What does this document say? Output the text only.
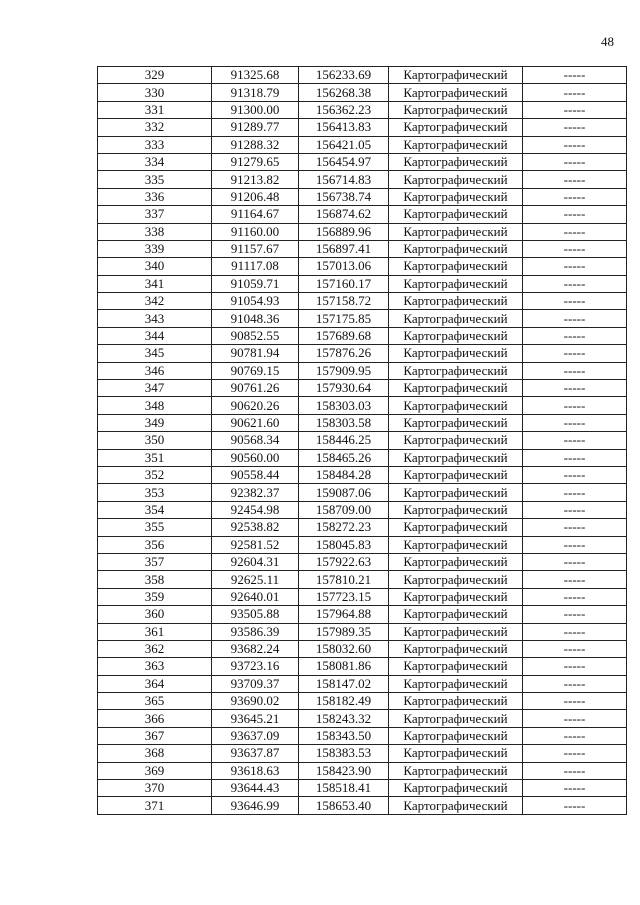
48
329	91325.68	156233.69	Картографический	-----
330	91318.79	156268.38	Картографический	-----
331	91300.00	156362.23	Картографический	-----
332	91289.77	156413.83	Картографический	-----
333	91288.32	156421.05	Картографический	-----
334	91279.65	156454.97	Картографический	-----
335	91213.82	156714.83	Картографический	-----
336	91206.48	156738.74	Картографический	-----
337	91164.67	156874.62	Картографический	-----
338	91160.00	156889.96	Картографический	-----
339	91157.67	156897.41	Картографический	-----
340	91117.08	157013.06	Картографический	-----
341	91059.71	157160.17	Картографический	-----
342	91054.93	157158.72	Картографический	-----
343	91048.36	157175.85	Картографический	-----
344	90852.55	157689.68	Картографический	-----
345	90781.94	157876.26	Картографический	-----
346	90769.15	157909.95	Картографический	-----
347	90761.26	157930.64	Картографический	-----
348	90620.26	158303.03	Картографический	-----
349	90621.60	158303.58	Картографический	-----
350	90568.34	158446.25	Картографический	-----
351	90560.00	158465.26	Картографический	-----
352	90558.44	158484.28	Картографический	-----
353	92382.37	159087.06	Картографический	-----
354	92454.98	158709.00	Картографический	-----
355	92538.82	158272.23	Картографический	-----
356	92581.52	158045.83	Картографический	-----
357	92604.31	157922.63	Картографический	-----
358	92625.11	157810.21	Картографический	-----
359	92640.01	157723.15	Картографический	-----
360	93505.88	157964.88	Картографический	-----
361	93586.39	157989.35	Картографический	-----
362	93682.24	158032.60	Картографический	-----
363	93723.16	158081.86	Картографический	-----
364	93709.37	158147.02	Картографический	-----
365	93690.02	158182.49	Картографический	-----
366	93645.21	158243.32	Картографический	-----
367	93637.09	158343.50	Картографический	-----
368	93637.87	158383.53	Картографический	-----
369	93618.63	158423.90	Картографический	-----
370	93644.43	158518.41	Картографический	-----
371	93646.99	158653.40	Картографический	-----
